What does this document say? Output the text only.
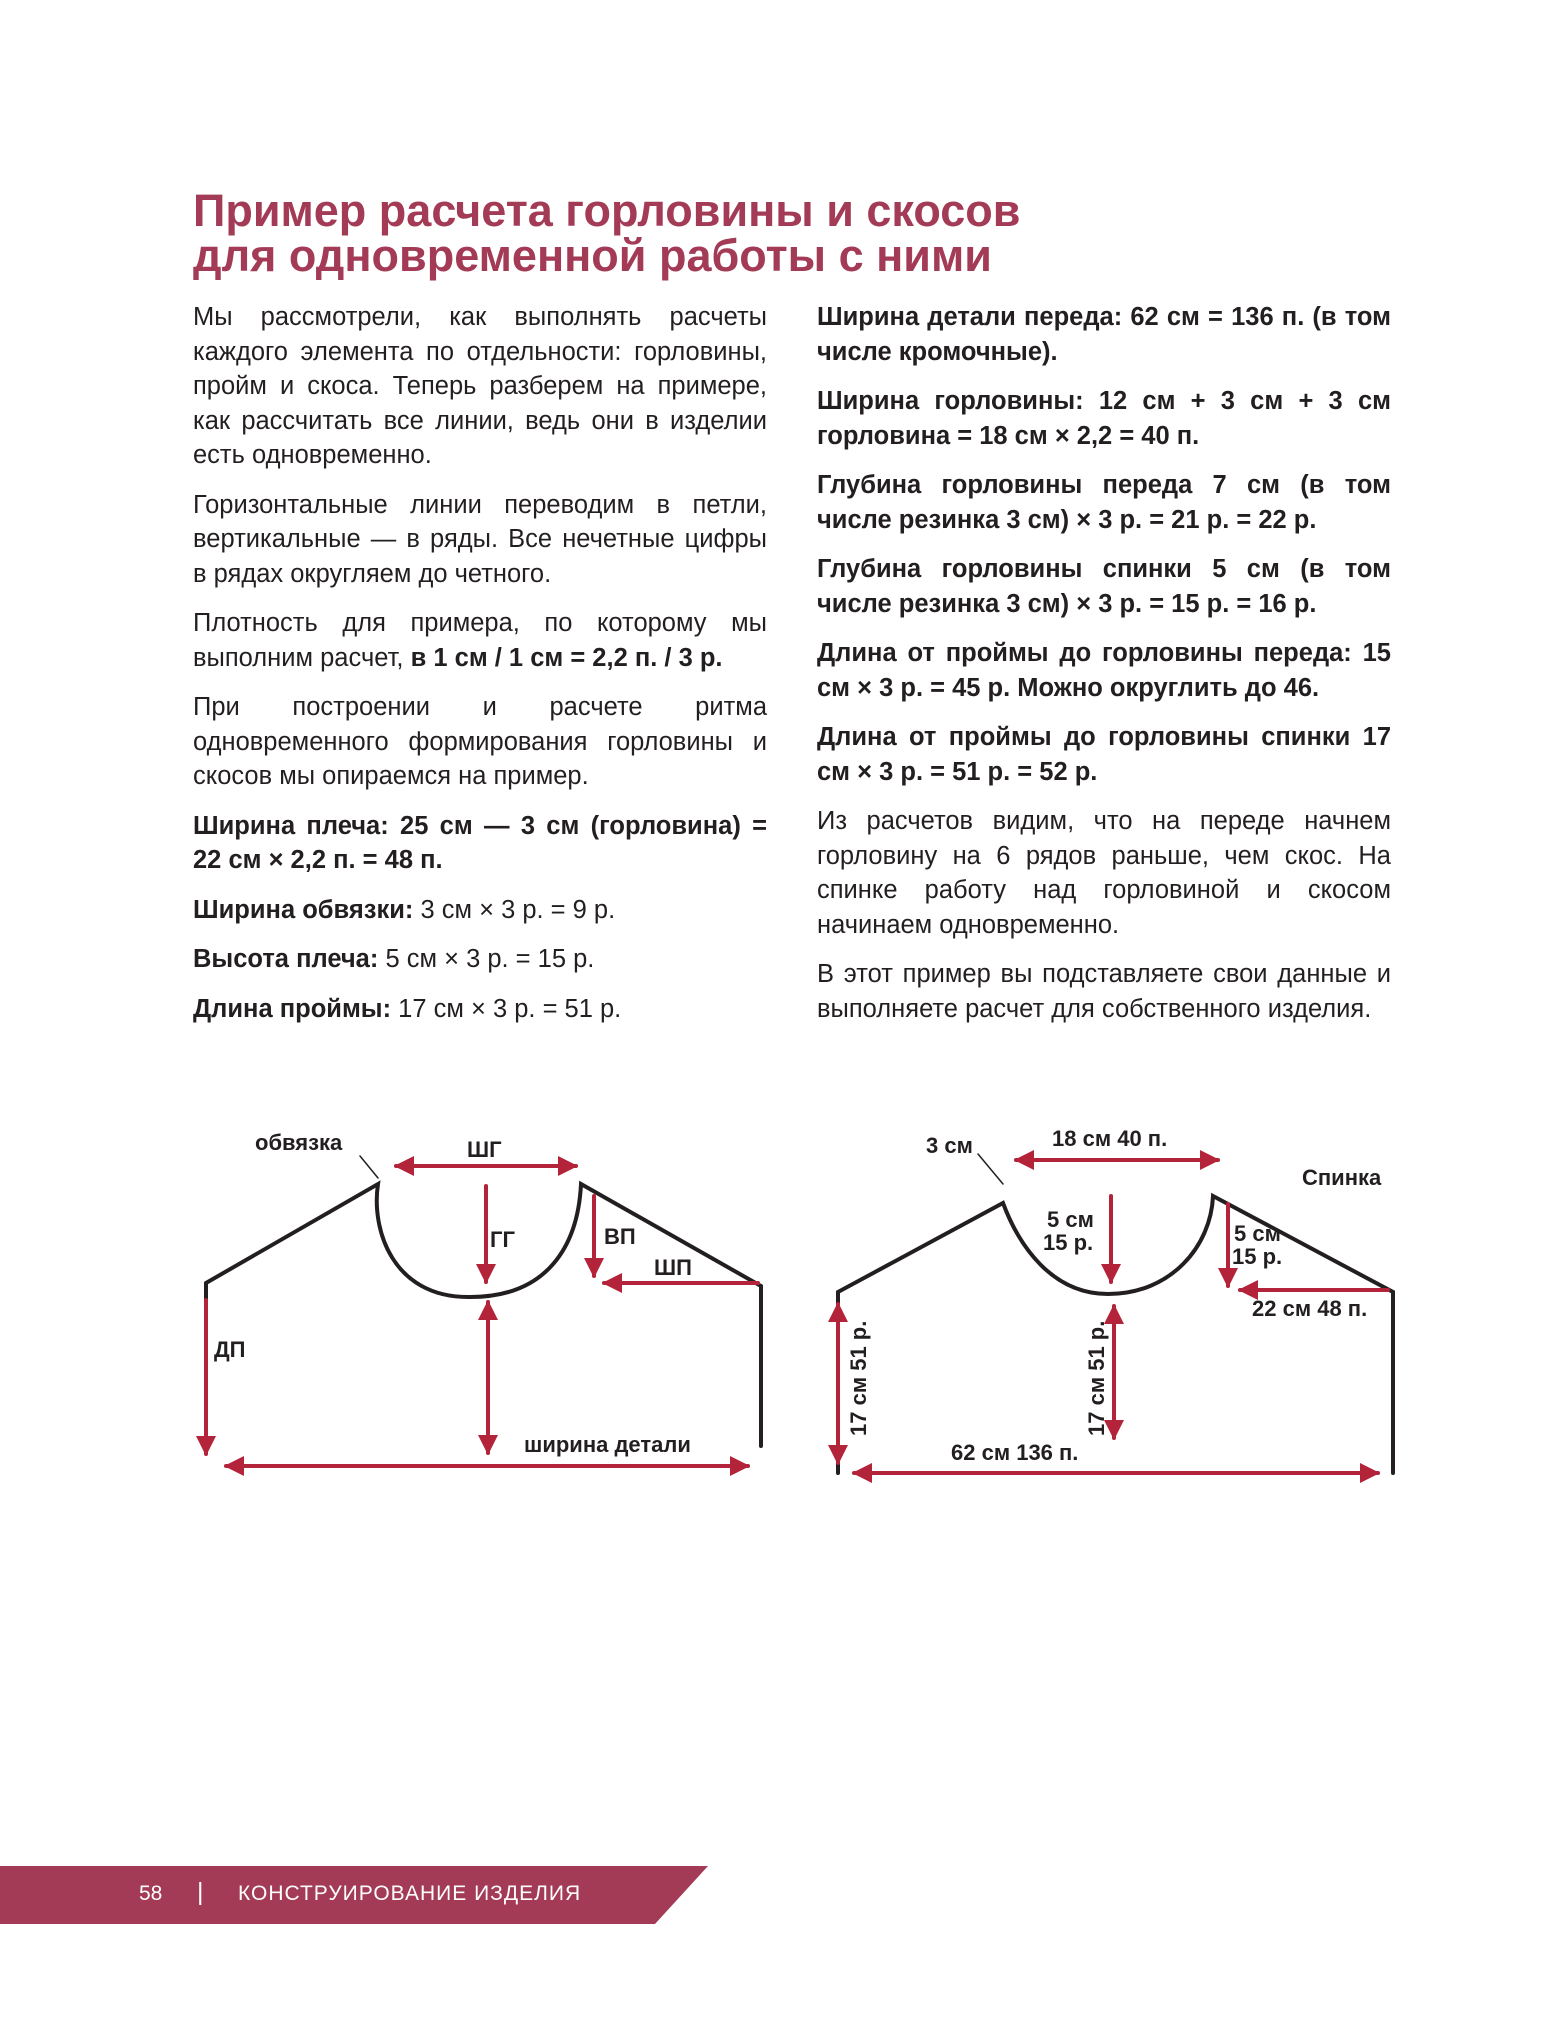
Пример расчета горловины и скосов
для одновременной работы с ними

Мы рассмотрели, как выполнять расчеты каждого элемента по отдельности: горловины, пройм и скоса. Теперь разберем на примере, как рассчитать все линии, ведь они в изделии есть одновременно.

Горизонтальные линии переводим в петли, вертикальные — в ряды. Все нечетные цифры в рядах округляем до четного.

Плотность для примера, по которому мы выполним расчет, в 1 см / 1 см = 2,2 п. / 3 р.

При построении и расчете ритма одновременного формирования горловины и скосов мы опираемся на пример.

Ширина плеча: 25 см — 3 см (горловина) = 22 см × 2,2 п. = 48 п.

Ширина обвязки: 3 см × 3 р. = 9 р.

Высота плеча: 5 см × 3 р. = 15 р.

Длина проймы: 17 см × 3 р. = 51 р.

Ширина детали переда: 62 см = 136 п. (в том числе кромочные).

Ширина горловины: 12 см + 3 см + 3 см горловина = 18 см × 2,2 = 40 п.

Глубина горловины переда 7 см (в том числе резинка 3 см) × 3 р. = 21 р. = 22 р.

Глубина горловины спинки 5 см (в том числе резинка 3 см) × 3 р. = 15 р. = 16 р.

Длина от проймы до горловины переда: 15 см × 3 р. = 45 р. Можно округлить до 46.

Длина от проймы до горловины спинки 17 см × 3 р. = 51 р. = 52 р.

Из расчетов видим, что на переде начнем горловину на 6 рядов раньше, чем скос. На спинке работу над горловиной и скосом начинаем одновременно.

В этот пример вы подставляете свои данные и выполняете расчет для собственного изделия.

обвязка	ШГ
ГГ	ВП
ШП
ДП
ширина детали
3 см	18 см 40 п.
Спинка
5 см
15 р.	5 см
15 р.
22 см 48 п.
17 см 51 р.	17 см 51 р.
62 см 136 п.
58 | КОНСТРУИРОВАНИЕ ИЗДЕЛИЯ
